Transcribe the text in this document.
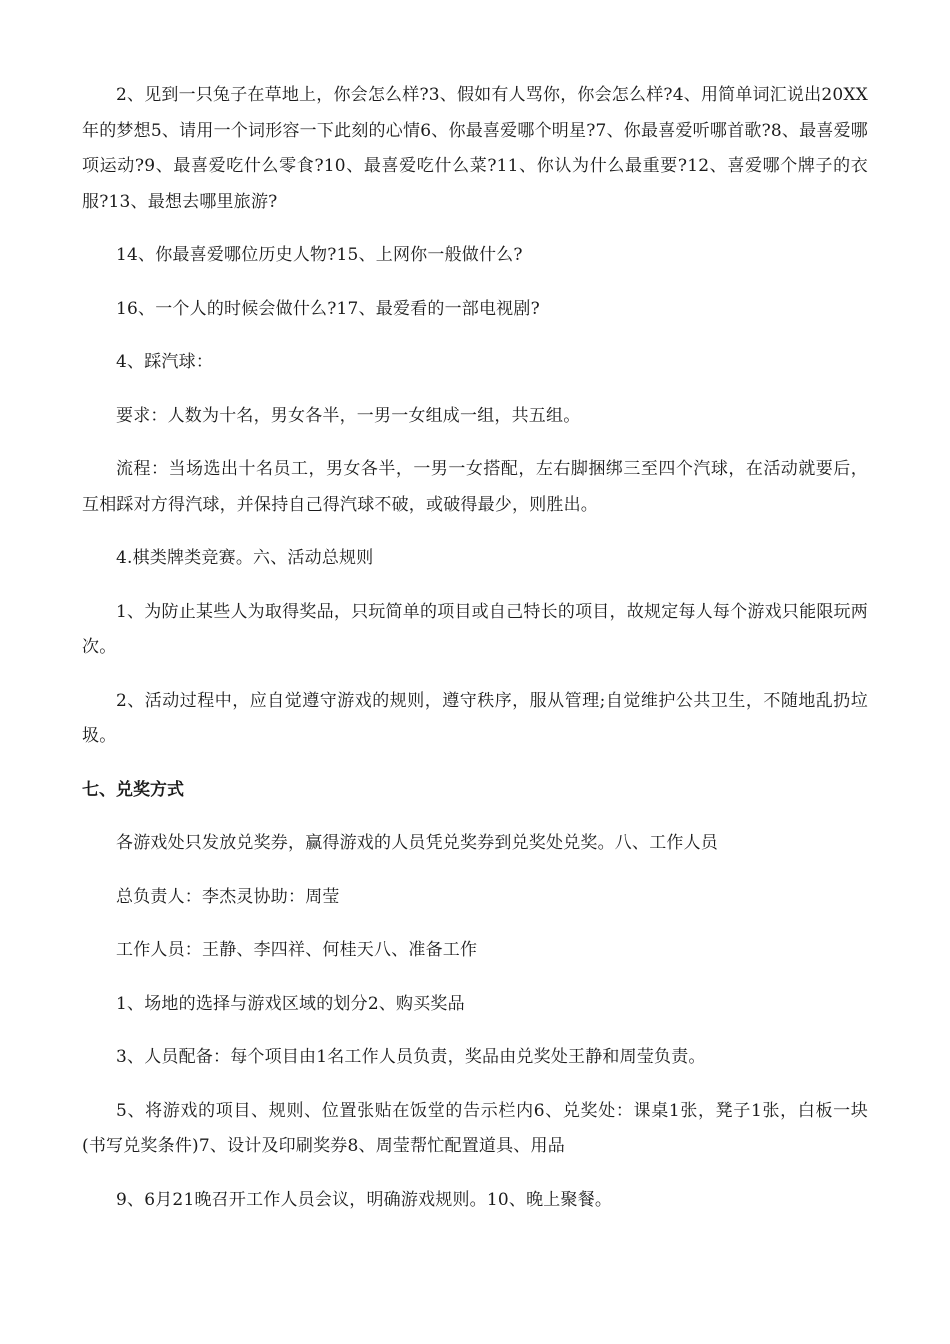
2、见到一只兔子在草地上，你会怎么样?3、假如有人骂你，你会怎么样?4、用简单词汇说出20XX年的梦想5、请用一个词形容一下此刻的心情6、你最喜爱哪个明星?7、你最喜爱听哪首歌?8、最喜爱哪项运动?9、最喜爱吃什么零食?10、最喜爱吃什么菜?11、你认为什么最重要?12、喜爱哪个牌子的衣服?13、最想去哪里旅游?

14、你最喜爱哪位历史人物?15、上网你一般做什么?

16、一个人的时候会做什么?17、最爱看的一部电视剧?

4、踩汽球：

要求：人数为十名，男女各半，一男一女组成一组，共五组。

流程：当场选出十名员工，男女各半，一男一女搭配，左右脚捆绑三至四个汽球，在活动就要后，互相踩对方得汽球，并保持自己得汽球不破，或破得最少，则胜出。

4.棋类牌类竞赛。六、活动总规则

1、为防止某些人为取得奖品，只玩简单的项目或自己特长的项目，故规定每人每个游戏只能限玩两次。

2、活动过程中，应自觉遵守游戏的规则，遵守秩序，服从管理;自觉维护公共卫生，不随地乱扔垃圾。

七、兑奖方式

各游戏处只发放兑奖券，赢得游戏的人员凭兑奖券到兑奖处兑奖。八、工作人员

总负责人：李杰灵协助：周莹

工作人员：王静、李四祥、何桂天八、准备工作

1、场地的选择与游戏区域的划分2、购买奖品

3、人员配备：每个项目由1名工作人员负责，奖品由兑奖处王静和周莹负责。

5、将游戏的项目、规则、位置张贴在饭堂的告示栏内6、兑奖处：课桌1张，凳子1张，白板一块(书写兑奖条件)7、设计及印刷奖券8、周莹帮忙配置道具、用品

9、6月21晚召开工作人员会议，明确游戏规则。10、晚上聚餐。
